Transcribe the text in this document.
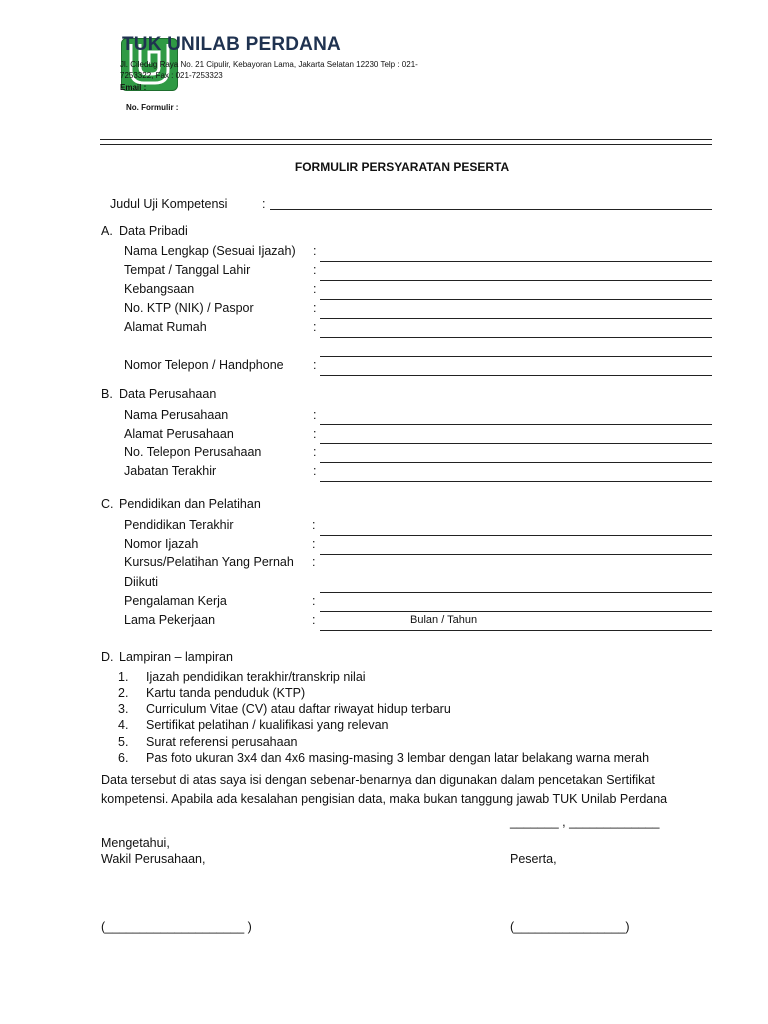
TUK UNILAB PERDANA
Jl. Ciledug Raya No. 21 Cipulir, Kebayoran Lama, Jakarta Selatan 12230 Telp : 021-
7253322, Fax : 021-7253323
Email :
No. Formulir :
FORMULIR PERSYARATAN PESERTA
Judul Uji Kompetensi	:
A. Data Pribadi
Nama Lengkap (Sesuai Ijazah) :
Tempat / Tanggal Lahir	:
Kebangsaan	:
No. KTP (NIK) / Paspor	:
Alamat Rumah	:
Nomor Telepon / Handphone :
B. Data Perusahaan
Nama Perusahaan	:
Alamat Perusahaan	:
No. Telepon Perusahaan	:
Jabatan Terakhir	:
C. Pendidikan dan Pelatihan
Pendidikan Terakhir	:
Nomor Ijazah	:
Kursus/Pelatihan Yang Pernah :
Diikuti
Pengalaman Kerja	:
Lama Pekerjaan	:	Bulan / Tahun
D. Lampiran – lampiran
1. Ijazah pendidikan terakhir/transkrip nilai
2. Kartu tanda penduduk (KTP)
3. Curriculum Vitae (CV) atau daftar riwayat hidup terbaru
4. Sertifikat pelatihan / kualifikasi yang relevan
5. Surat referensi perusahaan
6. Pas foto ukuran 3x4 dan 4x6 masing-masing 3 lembar dengan latar belakang warna merah
Data tersebut di atas saya isi dengan sebenar-benarnya dan digunakan dalam pencetakan Sertifikat
kompetensi. Apabila ada kesalahan pengisian data, maka bukan tanggung jawab TUK Unilab Perdana
_______ , _____________
Mengetahui,
Wakil Perusahaan,	Peserta,
(____________________ )	(________________)
